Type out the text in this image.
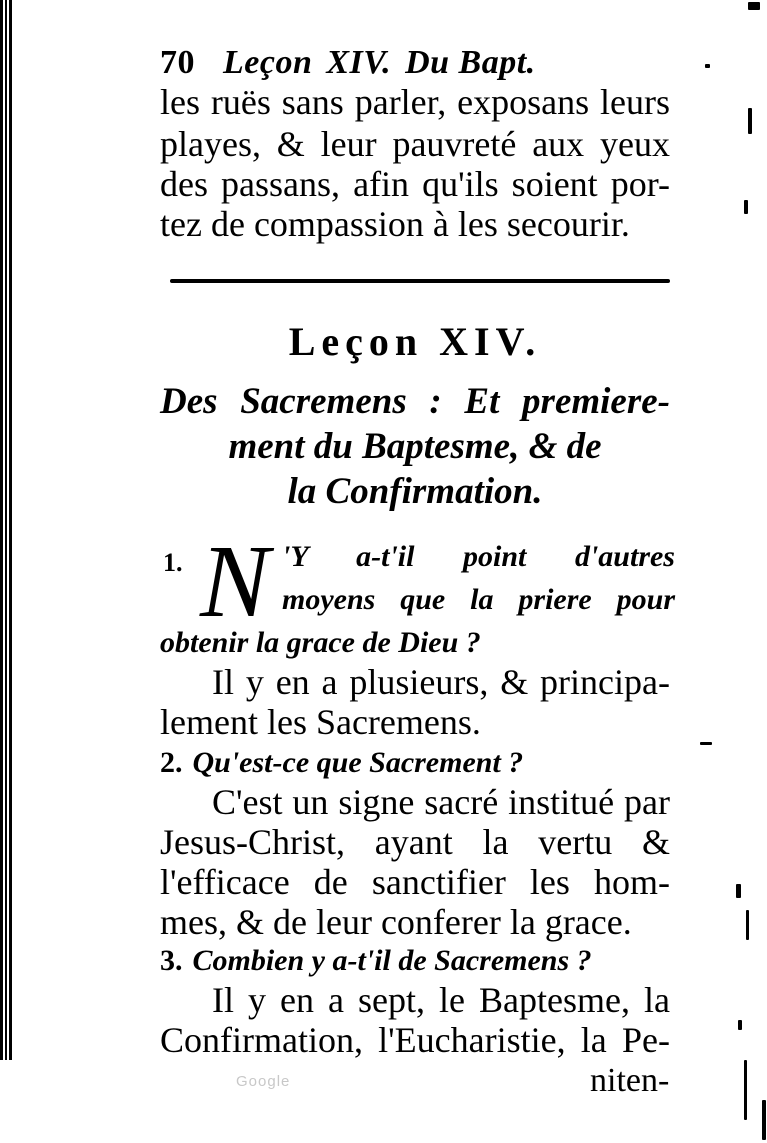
70 Leçon XIV. Du Bapt.
les ruës sans parler, exposans leurs
playes, & leur pauvreté aux yeux
des passans, afin qu'ils soient por-
tez de compassion à les secourir.
Leçon XIV.
Des Sacremens : Et premiere-
ment du Baptesme, & de
la Confirmation.
1. N 'Y a-t'il point d'autres
moyens que la priere pour
obtenir la grace de Dieu ?
Il y en a plusieurs, & principa-
lement les Sacremens.
2. Qu'est-ce que Sacrement ?
C'est un signe sacré institué par
Jesus-Christ, ayant la vertu &
l'efficace de sanctifier les hom-
mes, & de leur conferer la grace.
3. Combien y a-t'il de Sacremens ?
Il y en a sept, le Baptesme, la
Confirmation, l'Eucharistie, la Pe-
Google	niten-
